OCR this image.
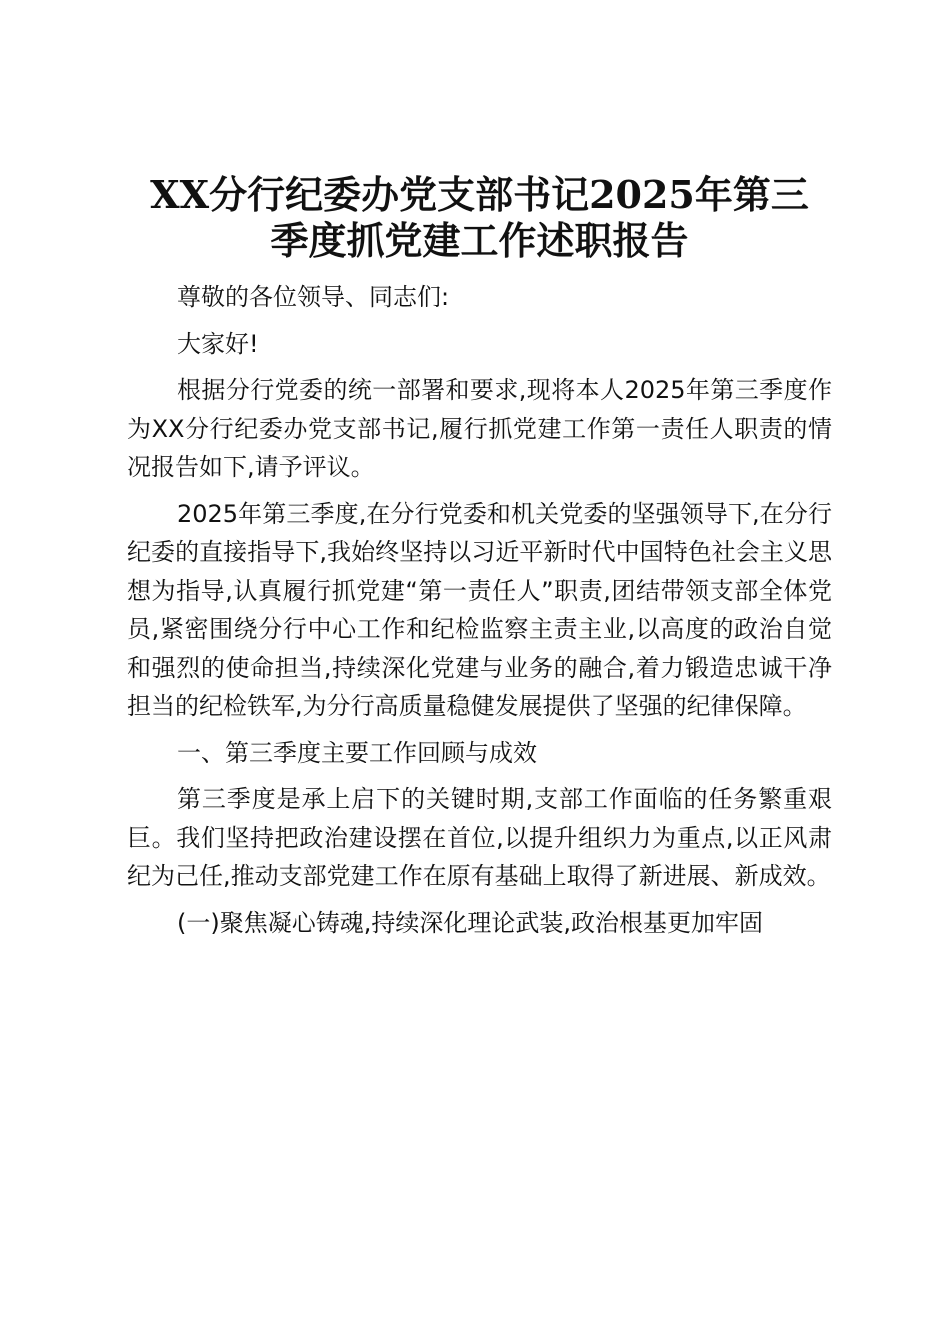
XX分行纪委办党支部书记2025年第三
季度抓党建工作述职报告

尊敬的各位领导、同志们:

大家好!

根据分行党委的统一部署和要求,现将本人2025年第三季度作为XX分行纪委办党支部书记,履行抓党建工作第一责任人职责的情况报告如下,请予评议。

2025年第三季度,在分行党委和机关党委的坚强领导下,在分行纪委的直接指导下,我始终坚持以习近平新时代中国特色社会主义思想为指导,认真履行抓党建“第一责任人”职责,团结带领支部全体党员,紧密围绕分行中心工作和纪检监察主责主业,以高度的政治自觉和强烈的使命担当,持续深化党建与业务的融合,着力锻造忠诚干净担当的纪检铁军,为分行高质量稳健发展提供了坚强的纪律保障。

一、第三季度主要工作回顾与成效

第三季度是承上启下的关键时期,支部工作面临的任务繁重艰巨。我们坚持把政治建设摆在首位,以提升组织力为重点,以正风肃纪为己任,推动支部党建工作在原有基础上取得了新进展、新成效。

(一)聚焦凝心铸魂,持续深化理论武装,政治根基更加牢固
